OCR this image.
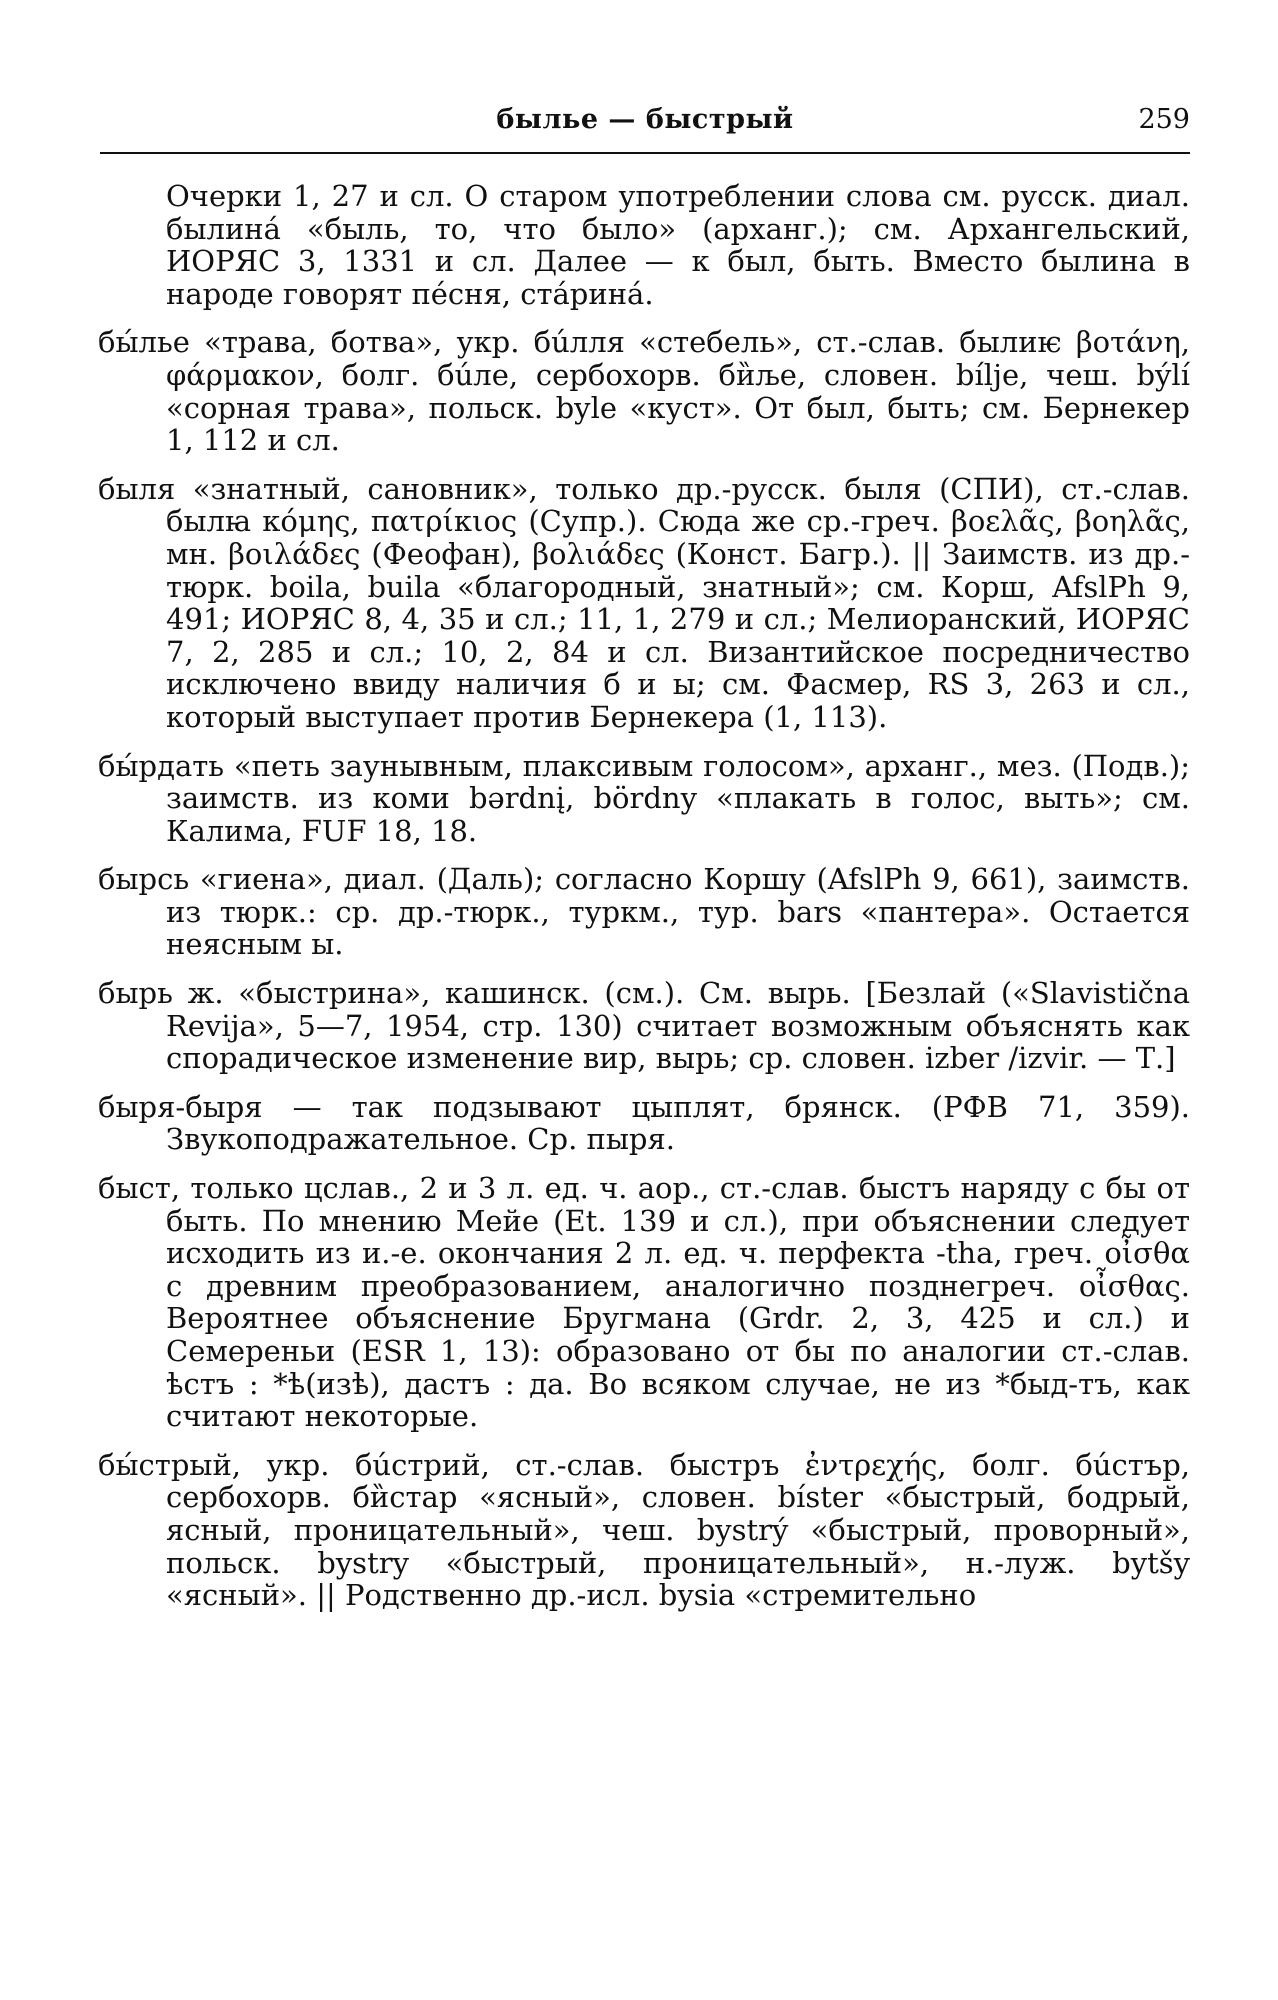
былье — быстрый	259

Очерки 1, 27 и сл. О старом употреблении слова см. русск. диал. былина́ «быль, то, что было» (арханг.); см. Архангельский, ИОРЯС 3, 1331 и сл. Далее — к был, быть. Вместо былина в народе говорят пе́сня, ста́рина́.

бы́лье «трава, ботва», укр. бúлля «стебель», ст.-слав. былиѥ βοτάνη, φάρμακον, болг. бúле, сербохорв. би̏ље, словен. bílje, чеш. býlí «сорная трава», польск. byle «куст». От был, быть; см. Бернекер 1, 112 и сл.

быля «знатный, сановник», только др.-русск. быля (СПИ), ст.-слав. былꙗ κόμης, πατρίκιος (Супр.). Сюда же ср.-греч. βοελᾶς, βοηλᾶς, мн. βοιλάδες (Феофан), βολιάδες (Конст. Багр.). || Заимств. из др.-тюрк. boila, buila «благородный, знатный»; см. Корш, AfslPh 9, 491; ИОРЯС 8, 4, 35 и сл.; 11, 1, 279 и сл.; Мелиоранский, ИОРЯС 7, 2, 285 и сл.; 10, 2, 84 и сл. Византийское посредничество исключено ввиду наличия б и ы; см. Фасмер, RS 3, 263 и сл., который выступает против Бернекера (1, 113).

бы́рдать «петь заунывным, плаксивым голосом», арханг., мез. (Подв.); заимств. из коми bərdnį, bördny «плакать в голос, выть»; см. Калима, FUF 18, 18.

бырсь «гиена», диал. (Даль); согласно Коршу (AfslPh 9, 661), заимств. из тюрк.: ср. др.-тюрк., туркм., тур. bars «пантера». Остается неясным ы.

бырь ж. «быстрина», кашинск. (см.). См. вырь. [Безлай («Slavistična Revija», 5—7, 1954, стр. 130) считает возможным объяснять как спорадическое изменение вир, вырь; ср. словен. izber /izvir. — Т.]

быря-быря — так подзывают цыплят, брянск. (РФВ 71, 359). Звукоподражательное. Ср. пыря.

быст, только цслав., 2 и 3 л. ед. ч. аор., ст.-слав. быстъ наряду с бы от быть. По мнению Мейе (Et. 139 и сл.), при объяснении следует исходить из и.-е. окончания 2 л. ед. ч. перфекта -tha, греч. οἶσθα с древним преобразованием, аналогично позднегреч. οἶσθας. Вероятнее объяснение Бругмана (Grdr. 2, 3, 425 и сл.) и Семереньи (ESR 1, 13): образовано от бы по аналогии ст.-слав. ѣстъ : *ѣ(изѣ), дастъ : да. Во всяком случае, не из *быд-тъ, как считают некоторые.

бы́стрый, укр. бúстрий, ст.-слав. быстръ ἐντρεχής, болг. бúстър, сербохорв. би̏стар «ясный», словен. bíster «быстрый, бодрый, ясный, проницательный», чеш. bystrý «быстрый, проворный», польск. bystry «быстрый, проницательный», н.-луж. bytšy «ясный». || Родственно др.-исл. bysia «стремительно
